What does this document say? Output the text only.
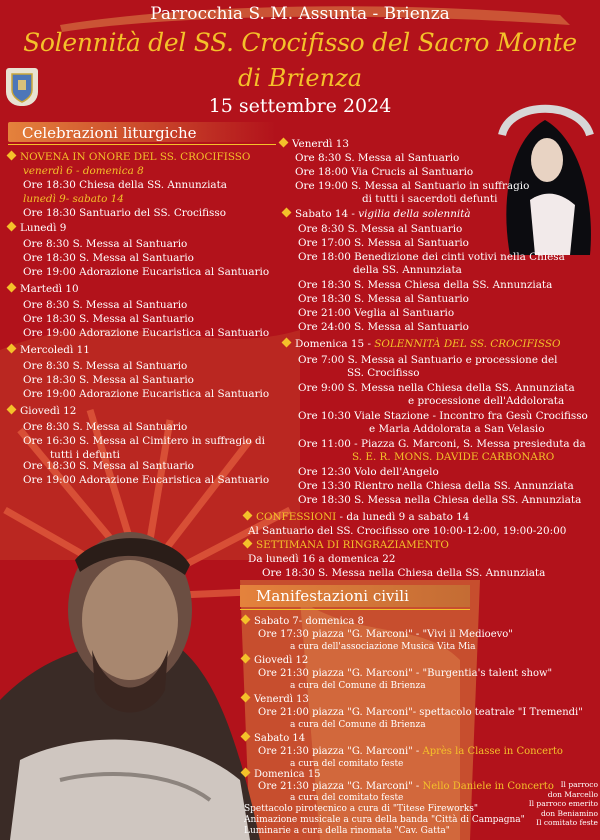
Parrocchia S. M. Assunta - Brienza
Solennità del SS. Crocifisso del Sacro Monte
di Brienza
15 settembre 2024
Celebrazioni liturgiche
NOVENA IN ONORE DEL SS. CROCIFISSO
venerdì 6 - domenica 8
Ore 18:30 Chiesa della SS. Annunziata
lunedì 9- sabato 14
Ore 18:30 Santuario del SS. Crocifisso
Lunedì 9
Ore 8:30 S. Messa al Santuario
Ore 18:30 S. Messa al Santuario
Ore 19:00 Adorazione Eucaristica al Santuario
Martedì 10
Ore 8:30 S. Messa al Santuario
Ore 18:30 S. Messa al Santuario
Ore 19:00 Adorazione Eucaristica al Santuario
Mercoledì 11
Ore 8:30 S. Messa al Santuario
Ore 18:30 S. Messa al Santuario
Ore 19:00 Adorazione Eucaristica al Santuario
Giovedì 12
Ore 8:30 S. Messa al Santuario
Ore 16:30 S. Messa al Cimitero in suffragio di
tutti i defunti
Ore 18:30 S. Messa al Santuario
Ore 19:00 Adorazione Eucaristica al Santuario
Venerdì 13
Ore 8:30 S. Messa al Santuario
Ore 18:00 Via Crucis al Santuario
Ore 19:00 S. Messa al Santuario in suffragio
di tutti i sacerdoti defunti
Sabato 14 - vigilia della solennità
Ore 8:30 S. Messa al Santuario
Ore 17:00 S. Messa al Santuario
Ore 18:00 Benedizione dei cinti votivi nella Chiesa
della SS. Annunziata
Ore 18:30 S. Messa Chiesa della SS. Annunziata
Ore 18:30 S. Messa al Santuario
Ore 21:00 Veglia al Santuario
Ore 24:00 S. Messa al Santuario
Domenica 15 - SOLENNITÀ DEL SS. CROCIFISSO
Ore 7:00 S. Messa al Santuario e processione del
SS. Crocifisso
Ore 9:00 S. Messa nella Chiesa della SS. Annunziata
e processione dell'Addolorata
Ore 10:30 Viale Stazione - Incontro fra Gesù Crocifisso
e Maria Addolorata a San Velasio
Ore 11:00 - Piazza G. Marconi, S. Messa presieduta da
S. E. R. MONS. DAVIDE CARBONARO
Ore 12:30 Volo dell'Angelo
Ore 13:30 Rientro nella Chiesa della SS. Annunziata
Ore 18:30 S. Messa nella Chiesa della SS. Annunziata
CONFESSIONI - da lunedì 9 a sabato 14
Al Santuario del SS. Crocifisso ore 10:00-12:00, 19:00-20:00
SETTIMANA DI RINGRAZIAMENTO
Da lunedì 16 a domenica 22
Ore 18:30 S. Messa nella Chiesa della SS. Annunziata
Manifestazioni civili
Sabato 7- domenica 8
Ore 17:30 piazza "G. Marconi" - "Vivi il Medioevo"
a cura dell'associazione Musica Vita Mia
Giovedì 12
Ore 21:30 piazza "G. Marconi" - "Burgentia's talent show"
a cura del Comune di Brienza
Venerdì 13
Ore 21:00 piazza "G. Marconi"- spettacolo teatrale "I Tremendi"
a cura del Comune di Brienza
Sabato 14
Ore 21:30 piazza "G. Marconi" - Après la Classe in Concerto
a cura del comitato feste
Domenica 15
Ore 21:30 piazza "G. Marconi" - Nello Daniele in Concerto
a cura del comitato feste
Spettacolo pirotecnico a cura di "Titese Fireworks"
Animazione musicale a cura della banda "Città di Campagna"
Luminarie a cura della rinomata "Cav. Gatta"
Il parroco
don Marcello
Il parroco emerito
don Beniamino
Il comitato feste
